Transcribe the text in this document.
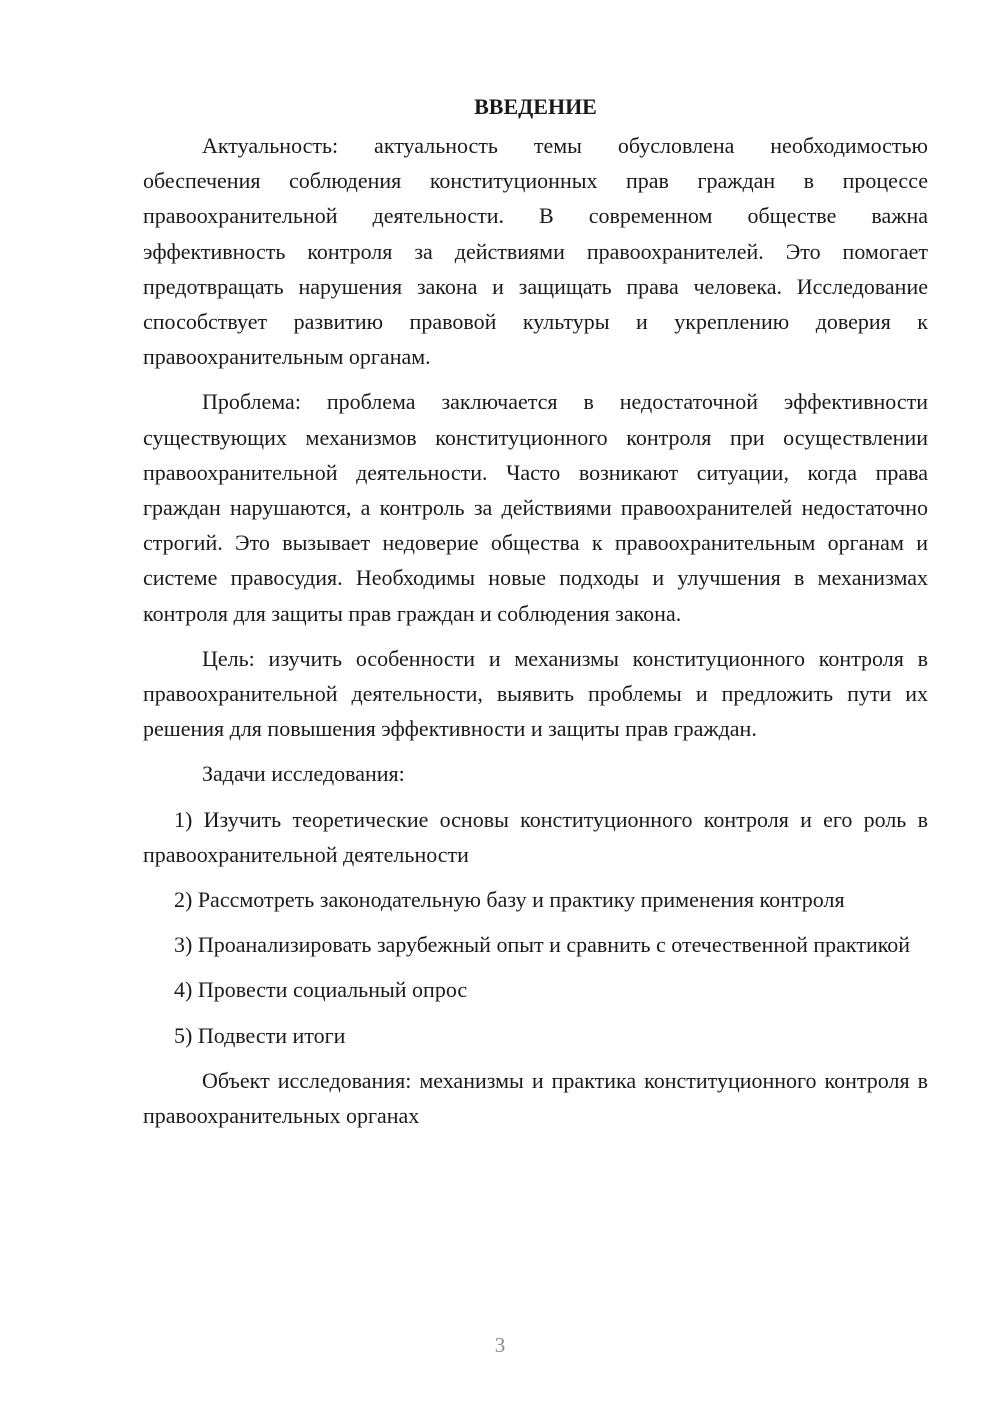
ВВЕДЕНИЕ

Актуальность: актуальность темы обусловлена необходимостью обеспечения соблюдения конституционных прав граждан в процессе правоохранительной деятельности. В современном обществе важна эффективность контроля за действиями правоохранителей. Это помогает предотвращать нарушения закона и защищать права человека. Исследование способствует развитию правовой культуры и укреплению доверия к правоохранительным органам.

Проблема: проблема заключается в недостаточной эффективности существующих механизмов конституционного контроля при осуществлении правоохранительной деятельности. Часто возникают ситуации, когда права граждан нарушаются, а контроль за действиями правоохранителей недостаточно строгий. Это вызывает недоверие общества к правоохранительным органам и системе правосудия. Необходимы новые подходы и улучшения в механизмах контроля для защиты прав граждан и соблюдения закона.

Цель: изучить особенности и механизмы конституционного контроля в правоохранительной деятельности, выявить проблемы и предложить пути их решения для повышения эффективности и защиты прав граждан.

Задачи исследования:

1) Изучить теоретические основы конституционного контроля и его роль в правоохранительной деятельности

2) Рассмотреть законодательную базу и практику применения контроля

3) Проанализировать зарубежный опыт и сравнить с отечественной практикой

4) Провести социальный опрос

5) Подвести итоги

Объект исследования: механизмы и практика конституционного контроля в правоохранительных органах

3
